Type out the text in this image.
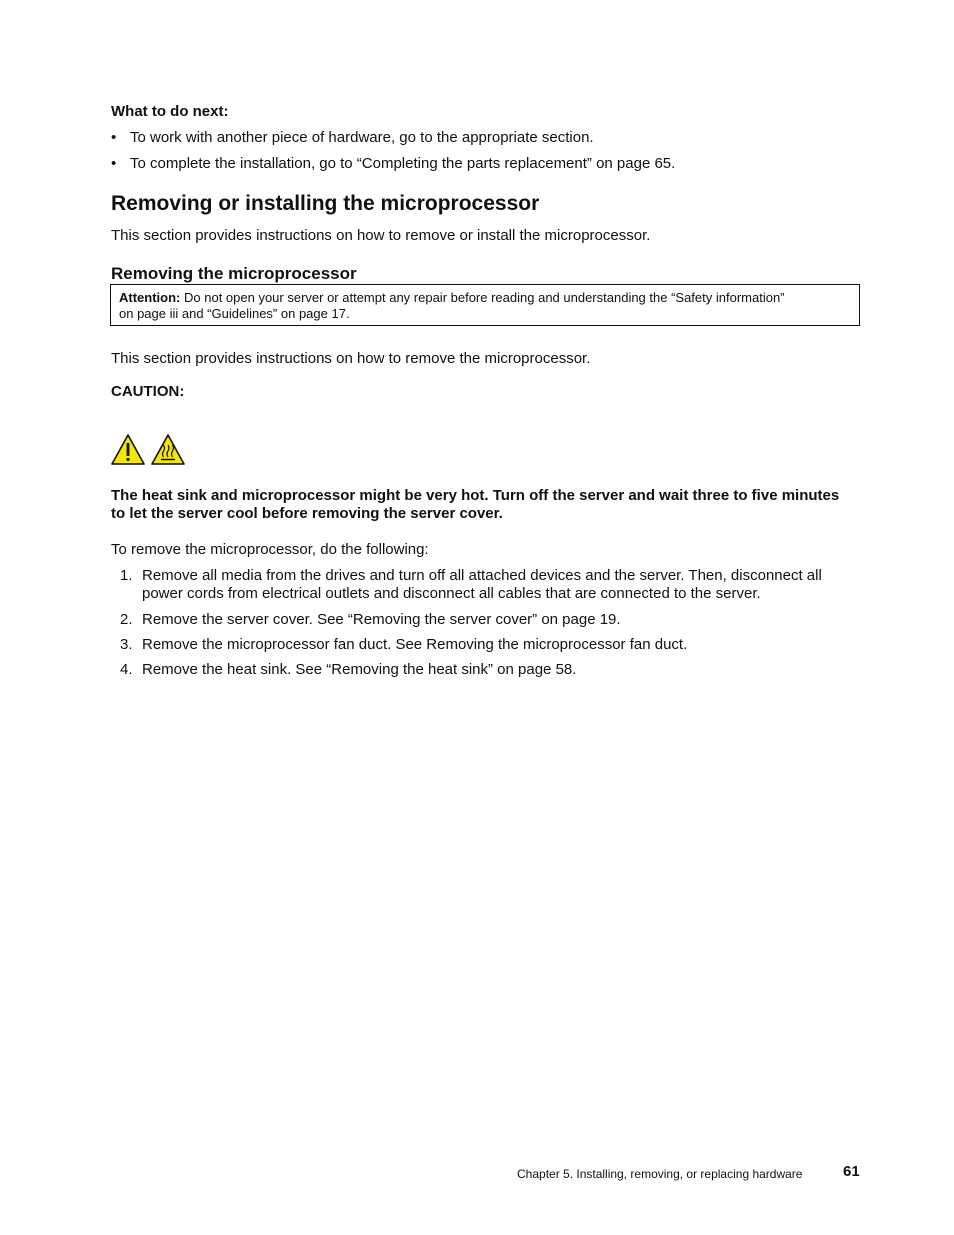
What to do next:
• To work with another piece of hardware, go to the appropriate section.
• To complete the installation, go to “Completing the parts replacement” on page 65.
Removing or installing the microprocessor
This section provides instructions on how to remove or install the microprocessor.
Removing the microprocessor
Attention: Do not open your server or attempt any repair before reading and understanding the “Safety information”
on page iii and “Guidelines” on page 17.
This section provides instructions on how to remove the microprocessor.
CAUTION:
The heat sink and microprocessor might be very hot. Turn off the server and wait three to five minutes
to let the server cool before removing the server cover.
To remove the microprocessor, do the following:
1. Remove all media from the drives and turn off all attached devices and the server. Then, disconnect all
power cords from electrical outlets and disconnect all cables that are connected to the server.
2. Remove the server cover. See “Removing the server cover” on page 19.
3. Remove the microprocessor fan duct. See Removing the microprocessor fan duct.
4. Remove the heat sink. See “Removing the heat sink” on page 58.
Chapter 5. Installing, removing, or replacing hardware	61
